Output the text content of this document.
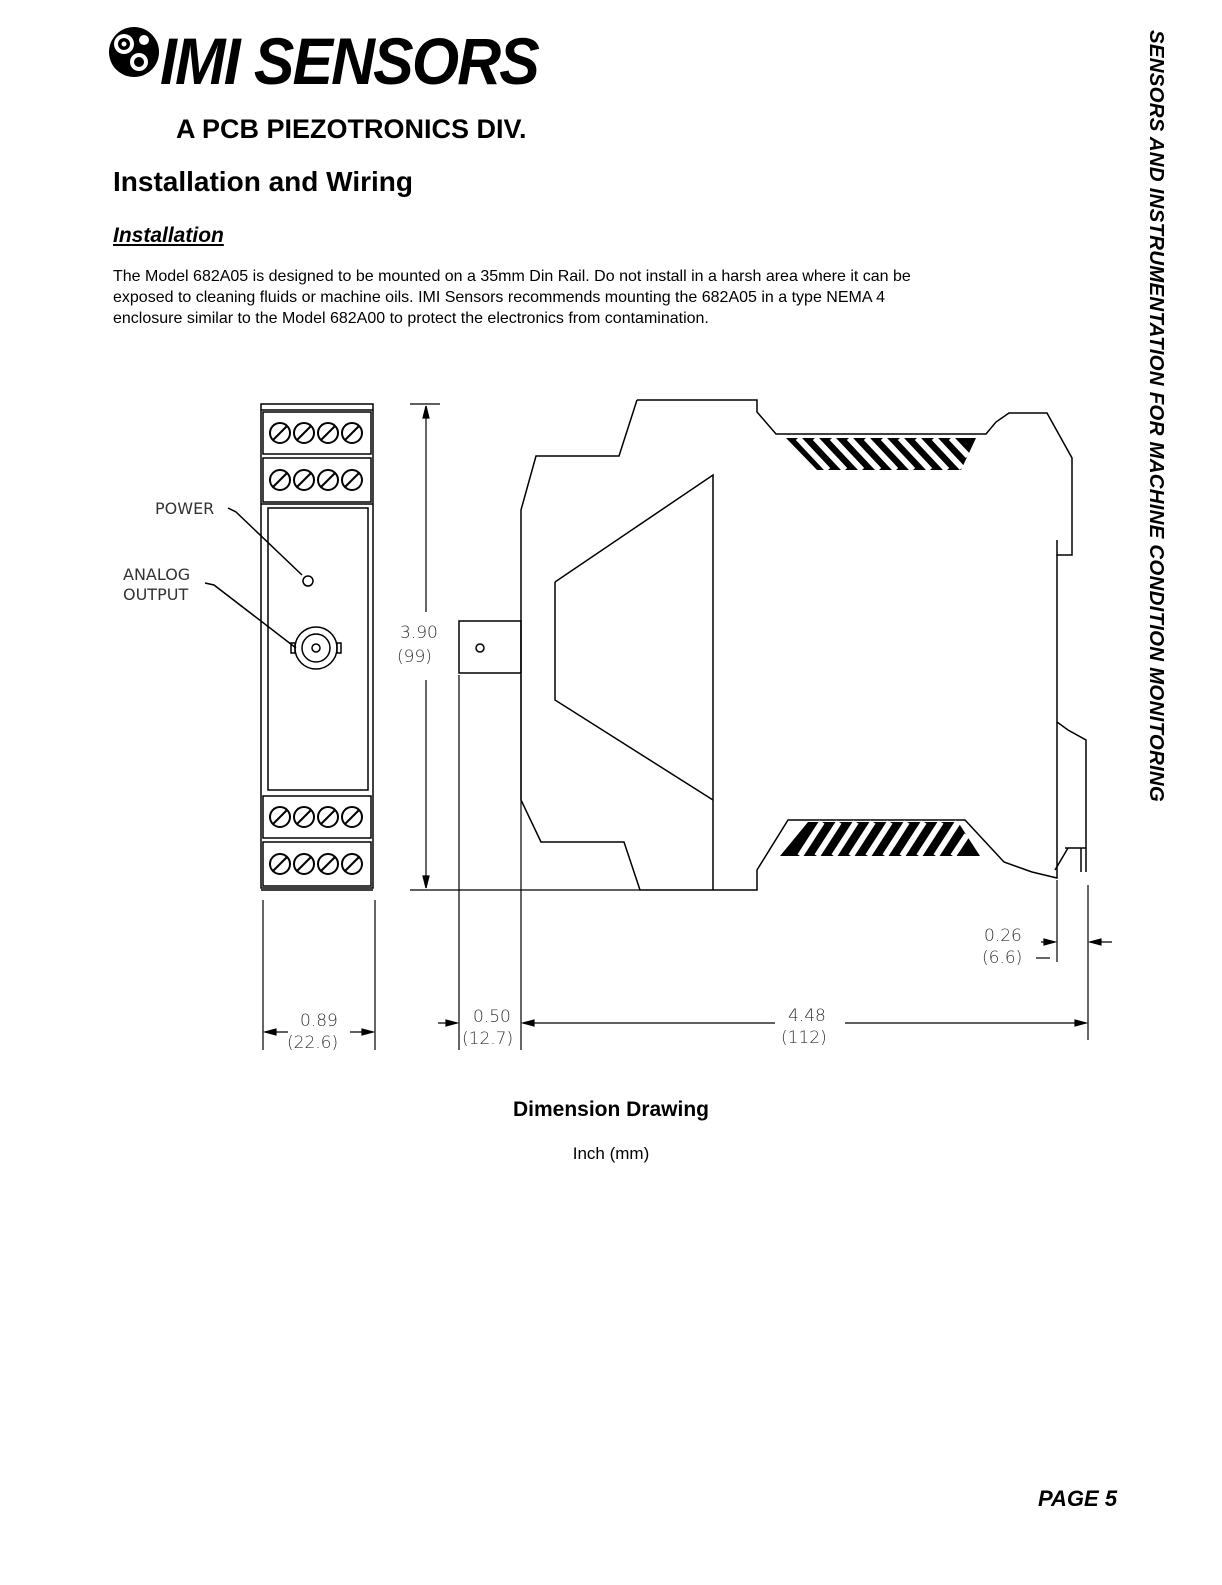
IMI SENSORS
A PCB PIEZOTRONICS DIV.
Installation and Wiring
Installation
The Model 682A05 is designed to be mounted on a 35mm Din Rail. Do not install in a harsh area where it can be
exposed to cleaning fluids or machine oils. IMI Sensors recommends mounting the 682A05 in a type NEMA 4
enclosure similar to the Model 682A00 to protect the electronics from contamination.
POWER
ANALOG
OUTPUT
0.89
(22.6)
3.90
(99)
0.50
(12.7)
4.48
(112)
0.26
(6.6)
Dimension Drawing
Inch (mm)
SENSORS AND INSTRUMENTATION FOR MACHINE CONDITION MONITORING
PAGE 5
